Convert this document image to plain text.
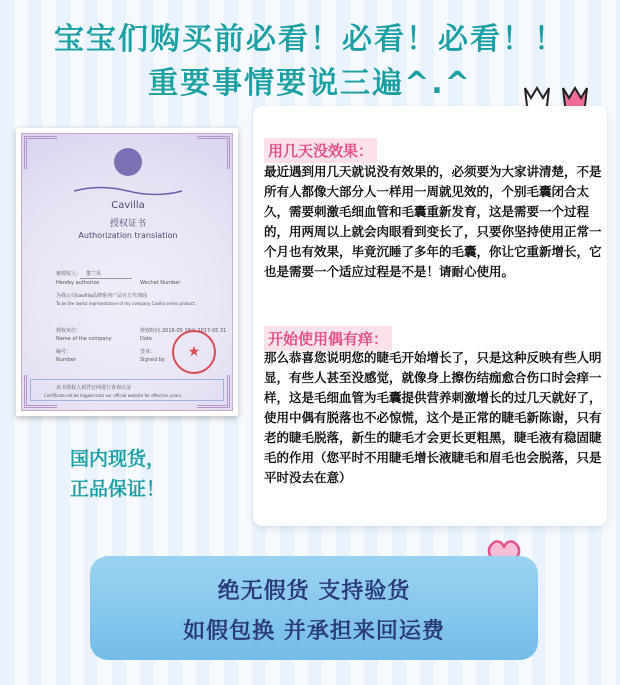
宝宝们购买前必看！必看！必看！！
重要事情要说三遍^.^
Cavilla
授权证书
Authorization translation
被授权人： 董兰凤
Hereby authorize	Wechat Number
为我公司cavilla品牌系列产品官方代理商
To be the lawful representative of my company Cavilla series product.
授权单位：
Name of the company
授权时间：
2016-05 18日 2017-05 31
Date
编号：
Number
签章：
Signed by	★
该书授权人须凭官网进行查询认证
Certificate not be logged onto our official website for effective years.
国内现货，
正品保证！
用几天没效果：
最近遇到用几天就说没有效果的，必须要为大家讲清楚，不是所有人都像大部分人一样用一周就见效的，个别毛囊闭合太久，需要刺激毛细血管和毛囊重新发育，这是需要一个过程的，用两周以上就会肉眼看到变长了，只要你坚持使用正常一个月也有效果，毕竟沉睡了多年的毛囊，你让它重新增长，它也是需要一个适应过程是不是！请耐心使用。
开始使用偶有痒：
那么恭喜您说明您的睫毛开始增长了，只是这种反映有些人明显，有些人甚至没感觉，就像身上擦伤结痂愈合伤口时会痒一样，这是毛细血管为毛囊提供营养刺激增长的过几天就好了，使用中偶有脱落也不必惊慌，这个是正常的睫毛新陈谢，只有老的睫毛脱落，新生的睫毛才会更长更粗黑，睫毛液有稳固睫毛的作用（您平时不用睫毛增长液睫毛和眉毛也会脱落，只是平时没去在意）
绝无假货 支持验货
如假包换 并承担来回运费
